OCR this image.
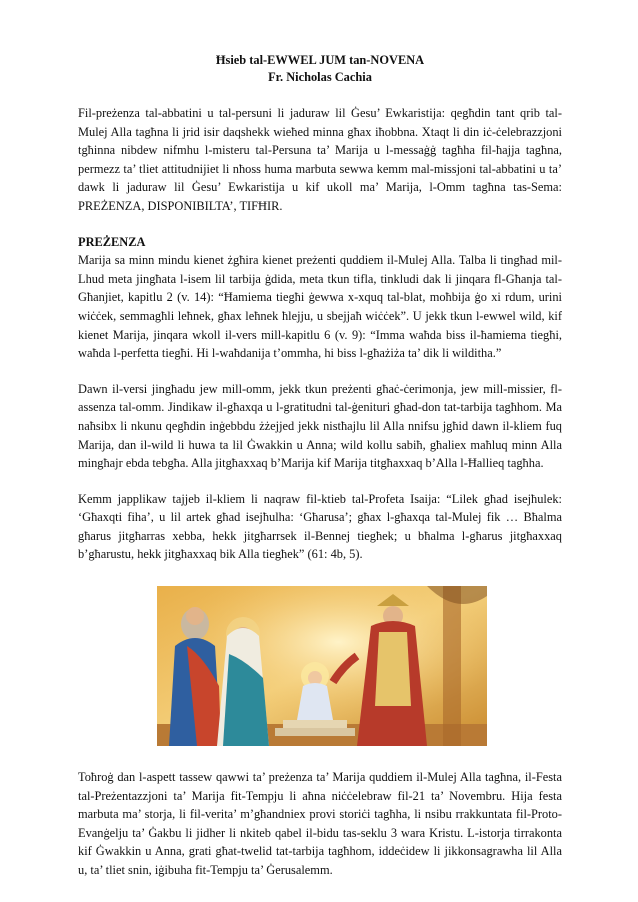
Ħsieb tal-EWWEL JUM tan-NOVENA
Fr. Nicholas Cachia

Fil-preżenza tal-abbatini u tal-persuni li jaduraw lil Ġesu’ Ewkaristija: qegħdin tant qrib tal-Mulej Alla tagħna li jrid isir daqshekk wieħed minna għax iħobbna. Xtaqt li din iċ-ċelebrazzjoni tgħinna nibdew nifmhu l-misteru tal-Persuna ta’ Marija u l-messaġġ tagħha fil-ħajja tagħna, permezz ta’ tliet attitudnijiet li nħoss huma marbuta sewwa kemm mal-missjoni tal-abbatini u ta’ dawk li jaduraw lil Ġesu’ Ewkaristija u kif ukoll ma’ Marija, l-Omm tagħna tas-Sema: PREŻENZA, DISPONIBILTA’, TIFĦIR.

PREŻENZA

Marija sa minn mindu kienet żgħira kienet preżenti quddiem il-Mulej Alla. Talba li tingħad mil-Lhud meta jingħata l-isem lil tarbija ġdida, meta tkun tifla, tinkludi dak li jinqara fl-Għanja tal-Għanjiet, kapitlu 2 (v. 14): “Ħamiema tiegħi ġewwa x-xquq tal-blat, moħbija ġo xi rdum, urini wiċċek, semmagħli leħnek, għax leħnek ħlejju, u sbejjaħ wiċċek”. U jekk tkun l-ewwel wild, kif kienet Marija, jinqara wkoll il-vers mill-kapitlu 6 (v. 9): “Imma waħda biss il-ħamiema tiegħi, waħda l-perfetta tiegħi. Hi l-waħdanija t’ommha, hi biss l-għażiża ta’ dik li wilditha.”

Dawn il-versi jingħadu jew mill-omm, jekk tkun preżenti għaċ-ċerimonja, jew mill-missier, fl-assenza tal-omm. Jindikaw il-għaxqa u l-gratitudni tal-ġenituri għad-don tat-tarbija tagħhom. Ma naħsibx li nkunu qegħdin inġebbdu żżejjed jekk nistħajlu lil Alla nnifsu jgħid dawn il-kliem fuq Marija, dan il-wild li huwa ta lil Ġwakkin u Anna; wild kollu sabiħ, għaliex maħluq minn Alla mingħajr ebda tebgħa. Alla jitgħaxxaq b’Marija kif Marija titgħaxxaq b’Alla l-Ħallieq tagħha.

Kemm japplikaw tajjeb il-kliem li naqraw fil-ktieb tal-Profeta Isaija: “Lilek għad isejħulek: ‘Għaxqti fiha’, u lil artek għad isejħulha: ‘Għarusa’; għax l-għaxqa tal-Mulej fik … Bħalma għarus jitgħarras xebba, hekk jitgħarrsek il-Bennej tiegħek; u bħalma l-għarus jitgħaxxaq b’għarustu, hekk jitgħaxxaq bik Alla tiegħek” (61: 4b, 5).

Toħroġ dan l-aspett tassew qawwi ta’ preżenza ta’ Marija quddiem il-Mulej Alla tagħna, il-Festa tal-Preżentazzjoni ta’ Marija fit-Tempju li aħna niċċelebraw fil-21 ta’ Novembru. Hija festa marbuta ma’ storja, li fil-verita’ m’għandniex provi storiċi tagħha, li nsibu rrakkuntata fil-Proto-Evanġelju ta’ Ġakbu li jidher li nkiteb qabel il-bidu tas-seklu 3 wara Kristu. L-istorja tirrakonta kif Ġwakkin u Anna, grati għat-twelid tat-tarbija tagħhom, iddeċidew li jikkonsagrawha lil Alla u, ta’ tliet snin, iġibuha fit-Tempju ta’ Ġerusalemm.
